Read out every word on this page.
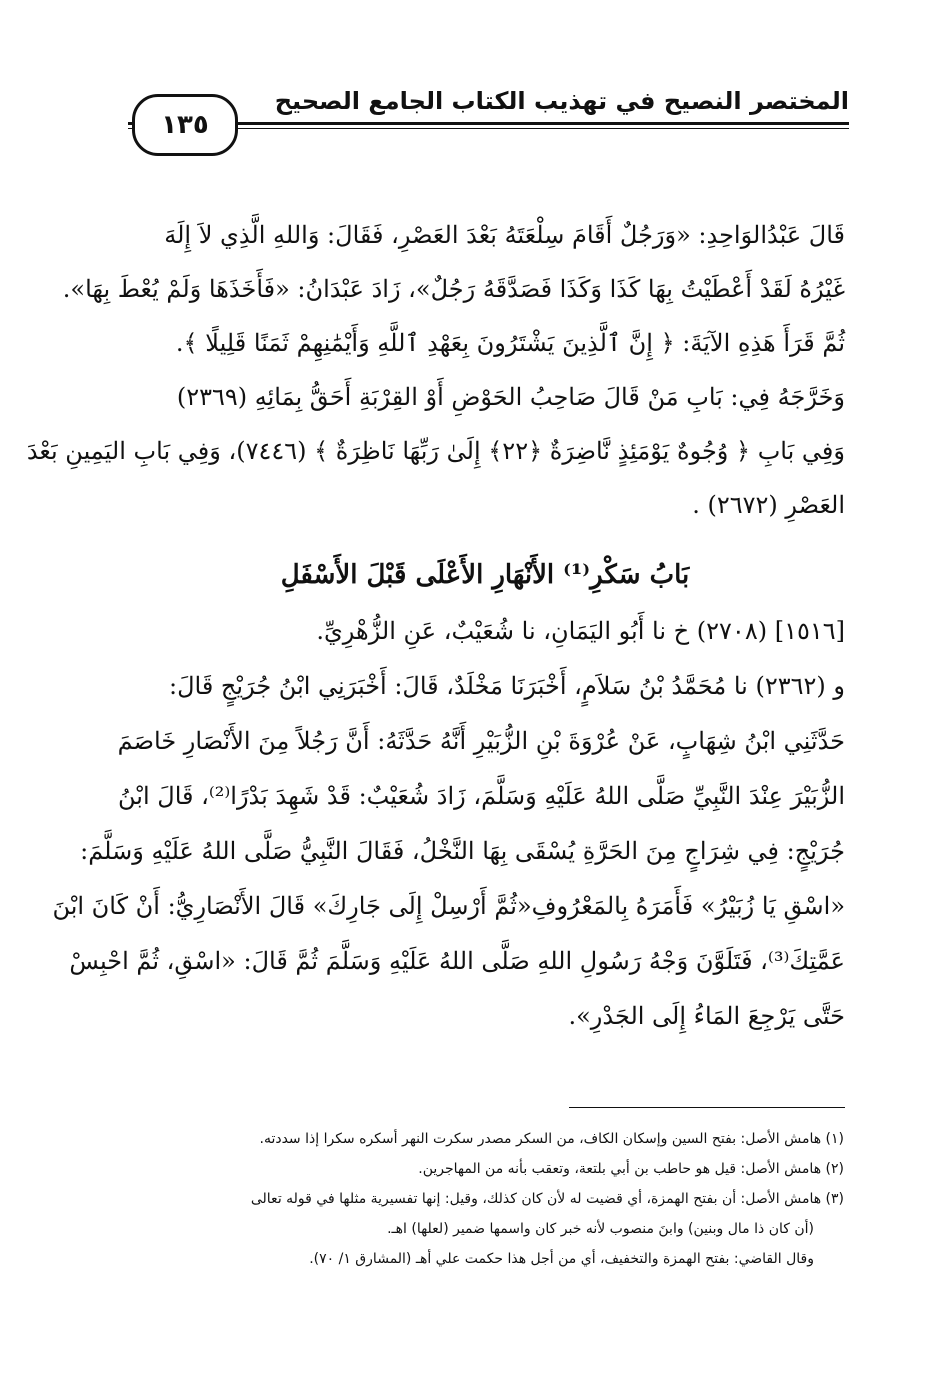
المختصر النصيح في تهذيب الكتاب الجامع الصحيح
١٣٥
قَالَ عَبْدُالوَاحِدِ: «وَرَجُلٌ أَقَامَ سِلْعَتَهُ بَعْدَ العَصْرِ، فَقَالَ: وَاللهِ الَّذِي لاَ إِلَهَ
غَيْرُهُ لَقَدْ أَعْطَيْتُ بِهَا كَذَا وَكَذَا فَصَدَّقَهُ رَجُلٌ»، زَادَ عَبْدَانُ: «فَأَخَذَهَا وَلَمْ يُعْطَ بِهَا».
ثُمَّ قَرَأَ هَذِهِ الآيَةَ: ﴿ إِنَّ ٱلَّذِينَ يَشْتَرُونَ بِعَهْدِ ٱللَّهِ وَأَيْمَٰنِهِمْ ثَمَنًا قَلِيلًا ﴾.
وَخَرَّجَهُ فِي: بَابِ مَنْ قَالَ صَاحِبُ الحَوْضِ أَوْ القِرْبَةِ أَحَقُّ بِمَائِهِ (٢٣٦٩)
وَفِي بَابِ ﴿ وُجُوهٌ يَوْمَئِذٍ نَّاضِرَةٌ ﴿٢٢﴾ إِلَىٰ رَبِّهَا نَاظِرَةٌ ﴾ (٧٤٤٦)، وَفِي بَابِ اليَمِينِ بَعْدَ
العَصْرِ (٢٦٧٢) .
بَابُ سَكْرِ⁽¹⁾ الأَنْهَارِ الأَعْلَى قَبْلَ الأَسْفَلِ
[١٥١٦] (٢٧٠٨) خ نا أَبُو اليَمَانِ، نا شُعَيْبٌ، عَنِ الزُّهْرِيِّ.
و (٢٣٦٢) نا مُحَمَّدُ بْنُ سَلاَمٍ، أَخْبَرَنَا مَخْلَدٌ، قَالَ: أَخْبَرَنِي ابْنُ جُرَيْجٍ قَالَ:
حَدَّثَنِي ابْنُ شِهَابٍ، عَنْ عُرْوَةَ بْنِ الزُّبَيْرِ أَنَّهُ حَدَّثَهُ: أَنَّ رَجُلاً مِنَ الأَنْصَارِ خَاصَمَ
الزُّبَيْرَ عِنْدَ النَّبِيِّ صَلَّى اللهُ عَلَيْهِ وَسَلَّمَ، زَادَ شُعَيْبٌ: قَدْ شَهِدَ بَدْرًا⁽²⁾، قَالَ ابْنُ
جُرَيْجٍ: فِي شِرَاجٍ مِنَ الحَرَّةِ يُسْقَى بِهَا النَّخْلُ، فَقَالَ النَّبِيُّ صَلَّى اللهُ عَلَيْهِ وَسَلَّمَ:
«اسْقِ يَا زُبَيْرُ» فَأَمَرَهُ بِالمَعْرُوفِ«ثُمَّ أَرْسِلْ إِلَى جَارِكَ» قَالَ الأَنْصَارِيُّ: أَنْ كَانَ ابْنَ
عَمَّتِكَ⁽³⁾، فَتَلَوَّنَ وَجْهُ رَسُولِ اللهِ صَلَّى اللهُ عَلَيْهِ وَسَلَّمَ ثُمَّ قَالَ: «اسْقِ، ثُمَّ احْبِسْ
حَتَّى يَرْجِعَ المَاءُ إِلَى الجَدْرِ».
(١) هامش الأصل: بفتح السين وإسكان الكاف، من السكر مصدر سكرت النهر أسكره سكرا إذا سددته.
(٢) هامش الأصل: قيل هو حاطب بن أبي بلتعة، وتعقب بأنه من المهاجرين.
(٣) هامش الأصل: أن بفتح الهمزة، أي قضيت له لأن كان كذلك، وقيل: إنها تفسيرية مثلها في قوله تعالى
(أن كان ذا مال وبنين) وابنَ منصوب لأنه خبر كان واسمها ضمير (لعلها) اهـ.
وقال القاضي: بفتح الهمزة والتخفيف، أي من أجل هذا حكمت علي أهـ (المشارق ١/ ٧٠).
